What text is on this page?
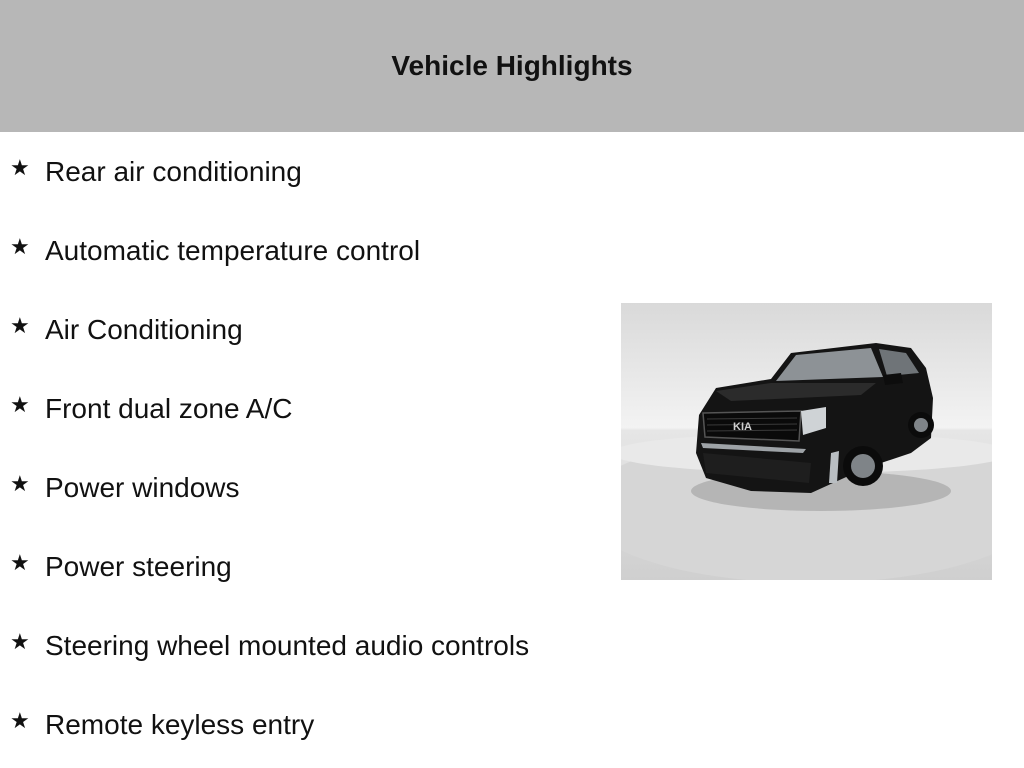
Vehicle Highlights
★ Rear air conditioning
★ Automatic temperature control
★ Air Conditioning
★ Front dual zone A/C
★ Power windows
★ Power steering
★ Steering wheel mounted audio controls
★ Remote keyless entry
KIA
